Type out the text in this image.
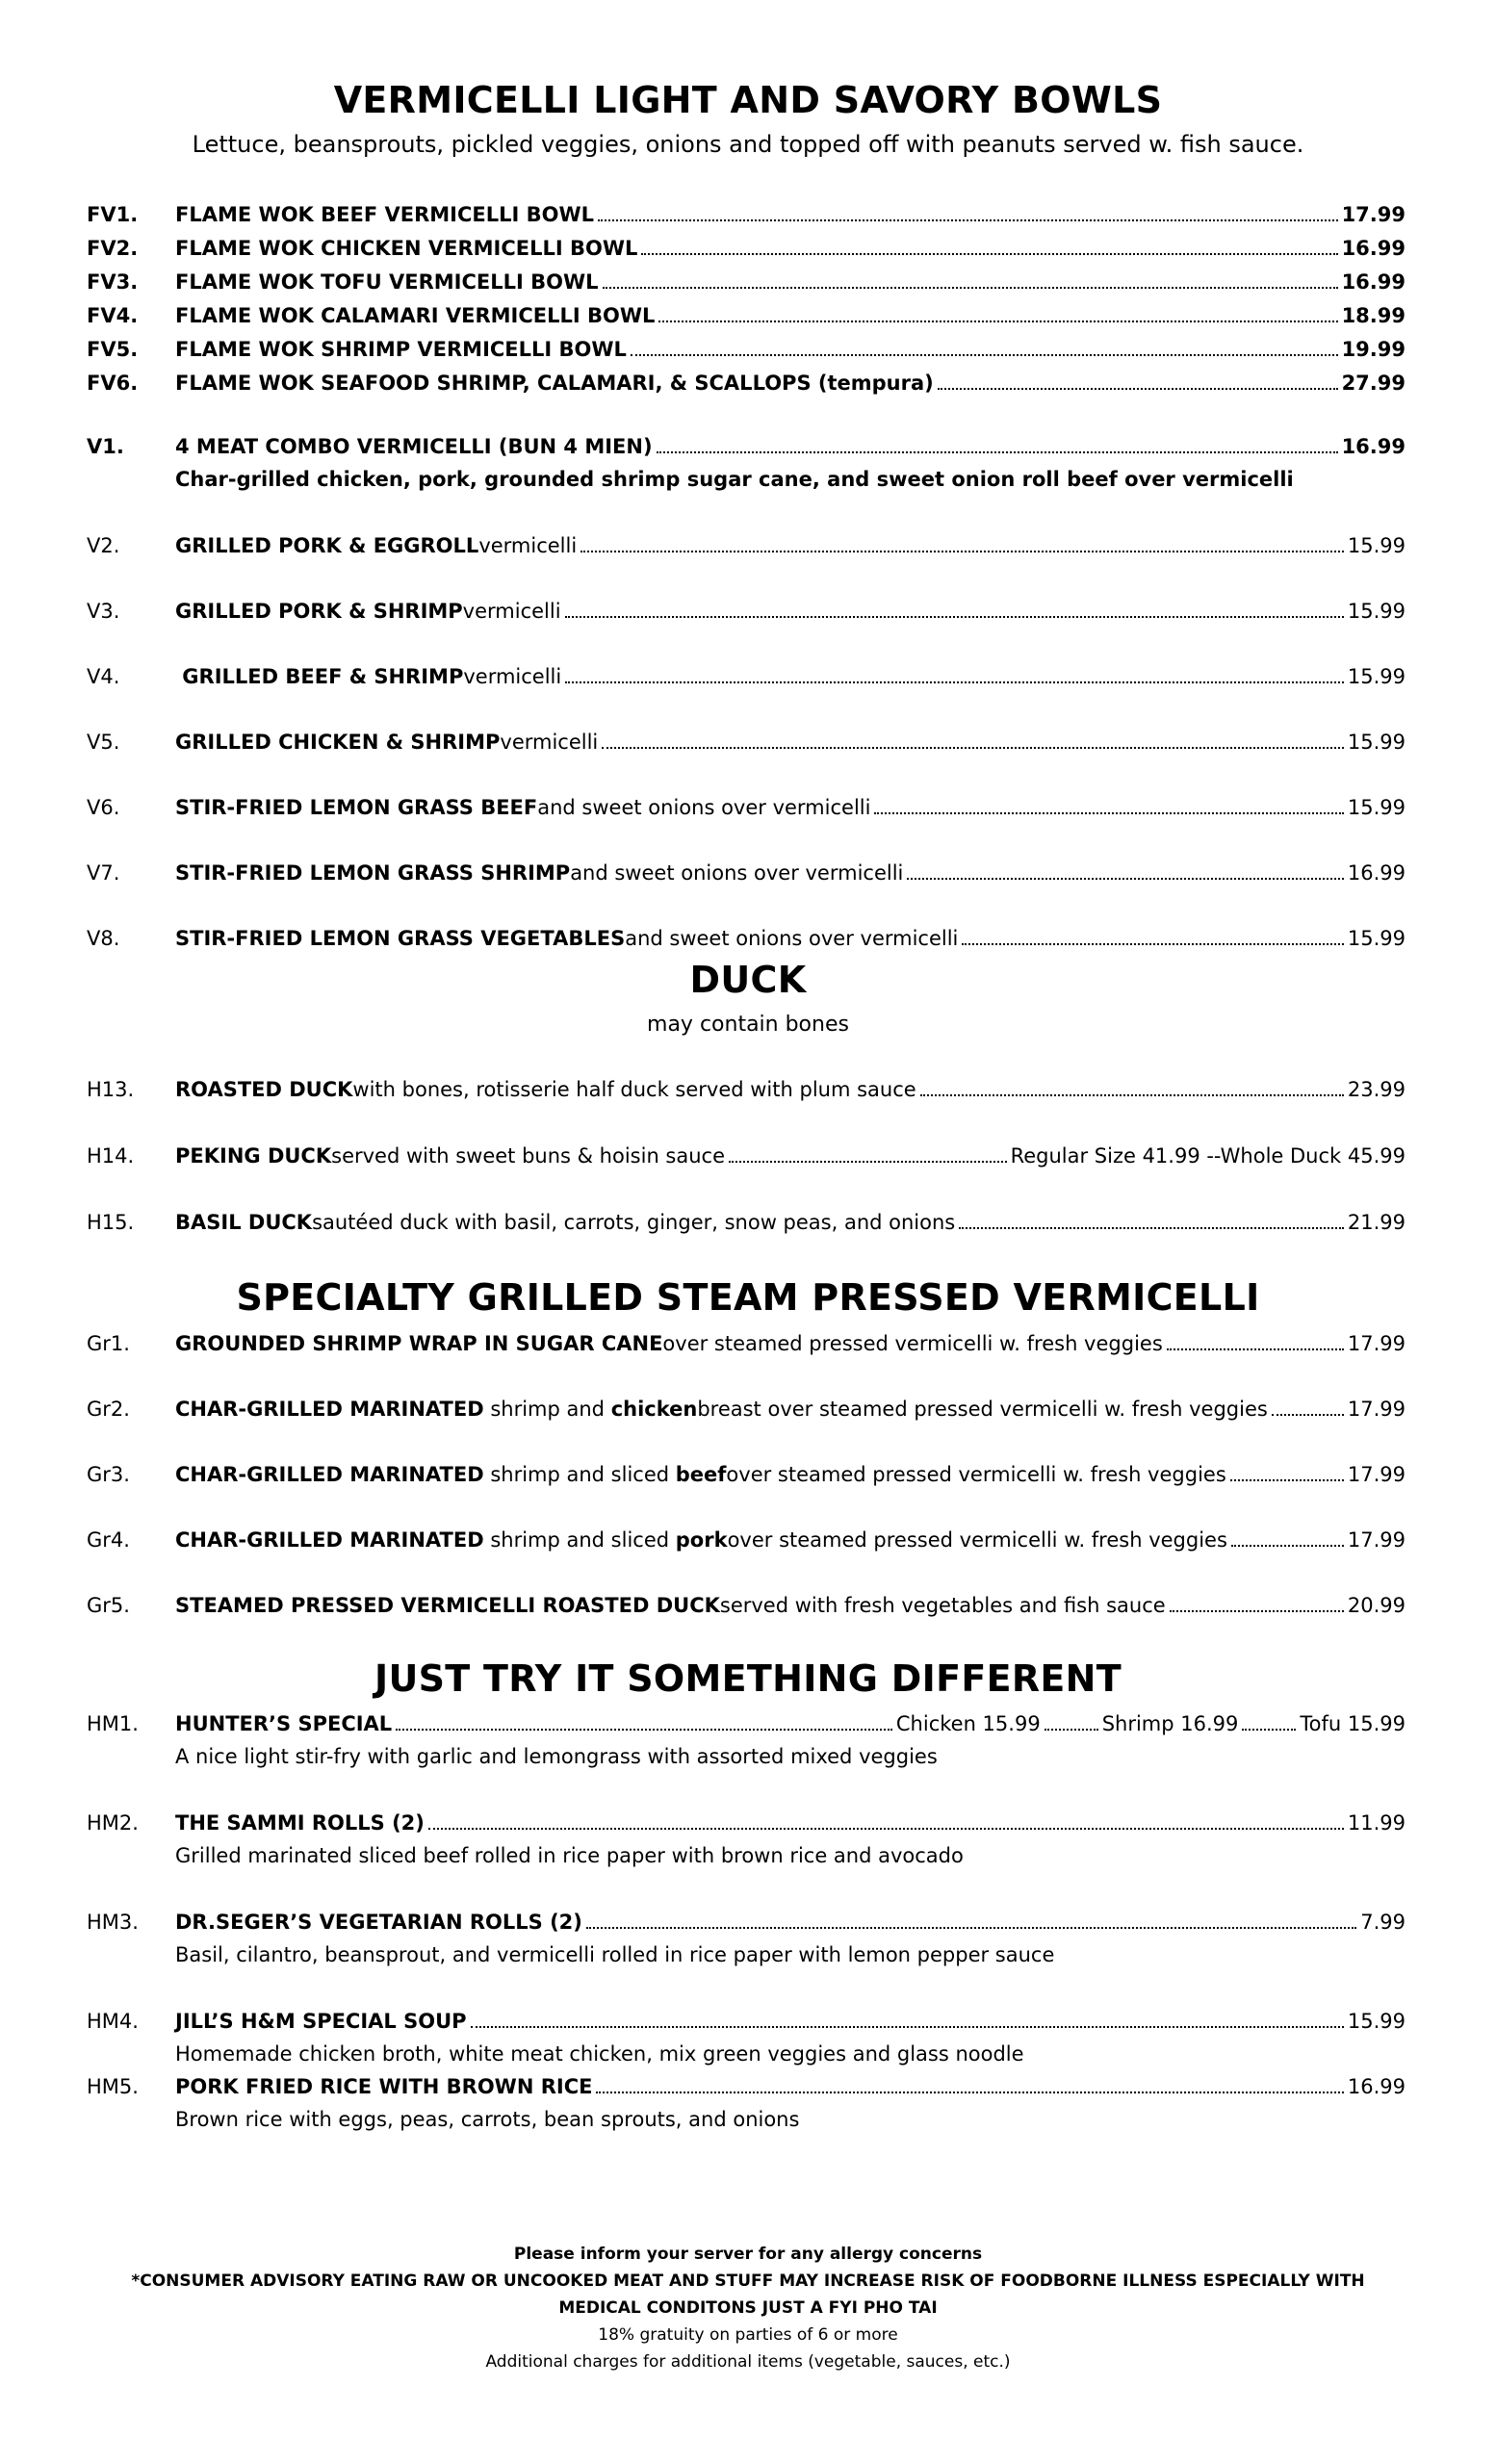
VERMICELLI LIGHT AND SAVORY BOWLS
Lettuce, beansprouts, pickled veggies, onions and topped off with peanuts served w. fish sauce.
FV1.	FLAME WOK BEEF VERMICELLI BOWL	17.99
FV2.	FLAME WOK CHICKEN VERMICELLI BOWL	16.99
FV3.	FLAME WOK TOFU VERMICELLI BOWL	16.99
FV4.	FLAME WOK CALAMARI VERMICELLI BOWL	18.99
FV5.	FLAME WOK SHRIMP VERMICELLI BOWL	19.99
FV6.	FLAME WOK SEAFOOD SHRIMP, CALAMARI, & SCALLOPS (tempura)	27.99
V1.	4 MEAT COMBO VERMICELLI (BUN 4 MIEN)	16.99
Char-grilled chicken, pork, grounded shrimp sugar cane, and sweet onion roll beef over vermicelli
V2.	GRILLED PORK & EGGROLL vermicelli	15.99
V3.	GRILLED PORK & SHRIMP vermicelli	15.99
V4.	GRILLED BEEF & SHRIMP vermicelli	15.99
V5.	GRILLED CHICKEN & SHRIMP vermicelli	15.99
V6.	STIR-FRIED LEMON GRASS BEEF and sweet onions over vermicelli	15.99
V7.	STIR-FRIED LEMON GRASS SHRIMP and sweet onions over vermicelli	16.99
V8.	STIR-FRIED LEMON GRASS VEGETABLES and sweet onions over vermicelli	15.99
DUCK
may contain bones
H13.	ROASTED DUCK with bones, rotisserie half duck served with plum sauce	23.99
H14.	PEKING DUCK served with sweet buns & hoisin sauce	Regular Size 41.99 --Whole Duck 45.99
H15.	BASIL DUCK sautéed duck with basil, carrots, ginger, snow peas, and onions	21.99
SPECIALTY GRILLED STEAM PRESSED VERMICELLI
Gr1.	GROUNDED SHRIMP WRAP IN SUGAR CANE over steamed pressed vermicelli w. fresh veggies	17.99
Gr2.	CHAR-GRILLED MARINATED shrimp and chicken breast over steamed pressed vermicelli w. fresh veggies	17.99
Gr3.	CHAR-GRILLED MARINATED shrimp and sliced beef over steamed pressed vermicelli w. fresh veggies	17.99
Gr4.	CHAR-GRILLED MARINATED shrimp and sliced pork over steamed pressed vermicelli w. fresh veggies	17.99
Gr5.	STEAMED PRESSED VERMICELLI ROASTED DUCK served with fresh vegetables and fish sauce	20.99
JUST TRY IT SOMETHING DIFFERENT
HM1.	HUNTER’S SPECIAL	Chicken 15.99	Shrimp 16.99	Tofu 15.99
A nice light stir-fry with garlic and lemongrass with assorted mixed veggies
HM2.	THE SAMMI ROLLS (2)	11.99
Grilled marinated sliced beef rolled in rice paper with brown rice and avocado
HM3.	DR.SEGER’S VEGETARIAN ROLLS (2)	7.99
Basil, cilantro, beansprout, and vermicelli rolled in rice paper with lemon pepper sauce
HM4.	JILL’S H&M SPECIAL SOUP	15.99
Homemade chicken broth, white meat chicken, mix green veggies and glass noodle
HM5.	PORK FRIED RICE WITH BROWN RICE	16.99
Brown rice with eggs, peas, carrots, bean sprouts, and onions
Please inform your server for any allergy concerns
*CONSUMER ADVISORY EATING RAW OR UNCOOKED MEAT AND STUFF MAY INCREASE RISK OF FOODBORNE ILLNESS ESPECIALLY WITH
MEDICAL CONDITONS JUST A FYI PHO TAI
18% gratuity on parties of 6 or more
Additional charges for additional items (vegetable, sauces, etc.)
